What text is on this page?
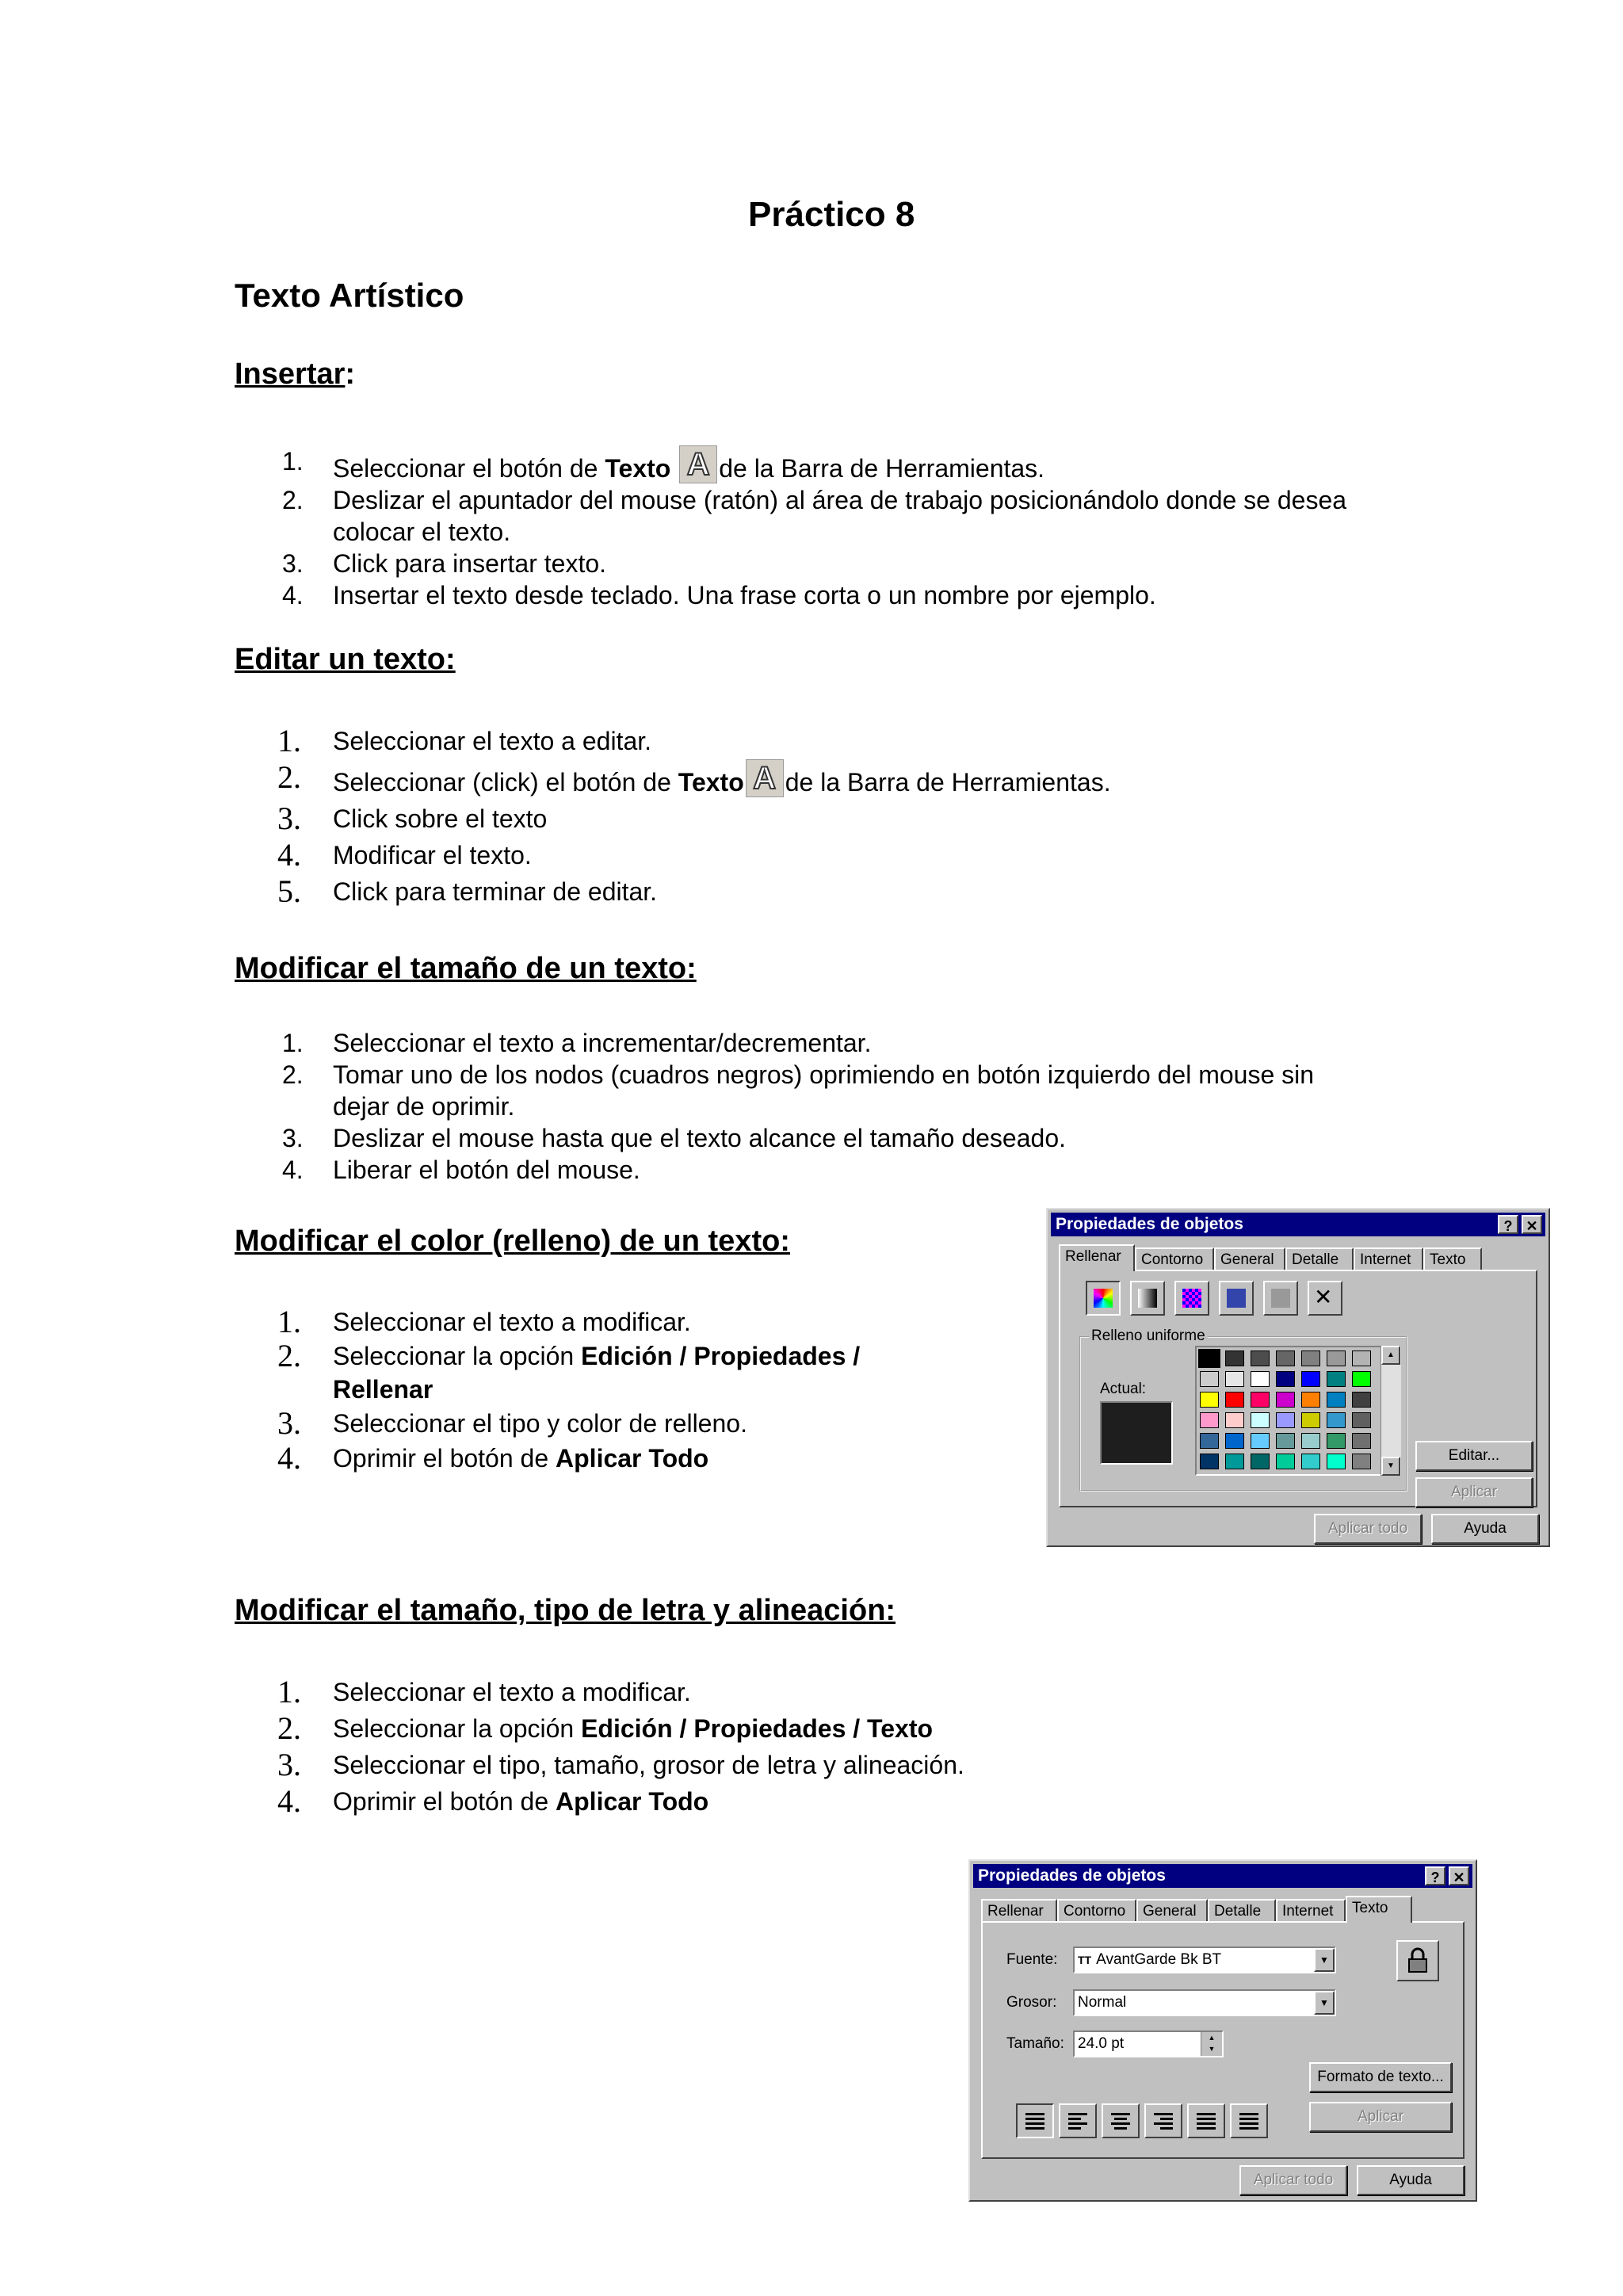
Práctico 8
Texto Artístico
Insertar:
1. Seleccionar el botón de Texto A de la Barra de Herramientas.
2. Deslizar el apuntador del mouse (ratón) al área de trabajo posicionándolo donde se desea
colocar el texto.
3. Click para insertar texto.
4. Insertar el texto desde teclado. Una frase corta o un nombre por ejemplo.
Editar un texto:
1. Seleccionar el texto a editar.
2. Seleccionar (click) el botón de Texto A de la Barra de Herramientas.
3. Click sobre el texto
4. Modificar el texto.
5. Click para terminar de editar.
Modificar el tamaño de un texto:
1. Seleccionar el texto a incrementar/decrementar.
2. Tomar uno de los nodos (cuadros negros) oprimiendo en botón izquierdo del mouse sin
dejar de oprimir.
3. Deslizar el mouse hasta que el texto alcance el tamaño deseado.
4. Liberar el botón del mouse.
Modificar el color (relleno) de un texto:
1. Seleccionar el texto a modificar.
2. Seleccionar la opción Edición / Propiedades /
Rellenar
3. Seleccionar el tipo y color de relleno.
4. Oprimir el botón de Aplicar Todo
Modificar el tamaño, tipo de letra y alineación:
1. Seleccionar el texto a modificar.
2. Seleccionar la opción Edición / Propiedades / Texto
3. Seleccionar el tipo, tamaño, grosor de letra y alineación.
4. Oprimir el botón de Aplicar Todo
Propiedades de objetos	? ✕
Rellenar	Contorno	General	Detalle	Internet	Texto
✕
Relleno uniforme
Actual:
▲
▼
Editar...
Aplicar
Aplicar todo	Ayuda
Propiedades de objetos	? ✕
Rellenar	Contorno	General	Detalle	Internet	Texto
Fuente:	TT AvantGarde Bk BT	▼
Grosor:	Normal	▼
Tamaño: 24.0 pt	▲
▼
Formato de texto...
Aplicar
Aplicar todo	Ayuda
